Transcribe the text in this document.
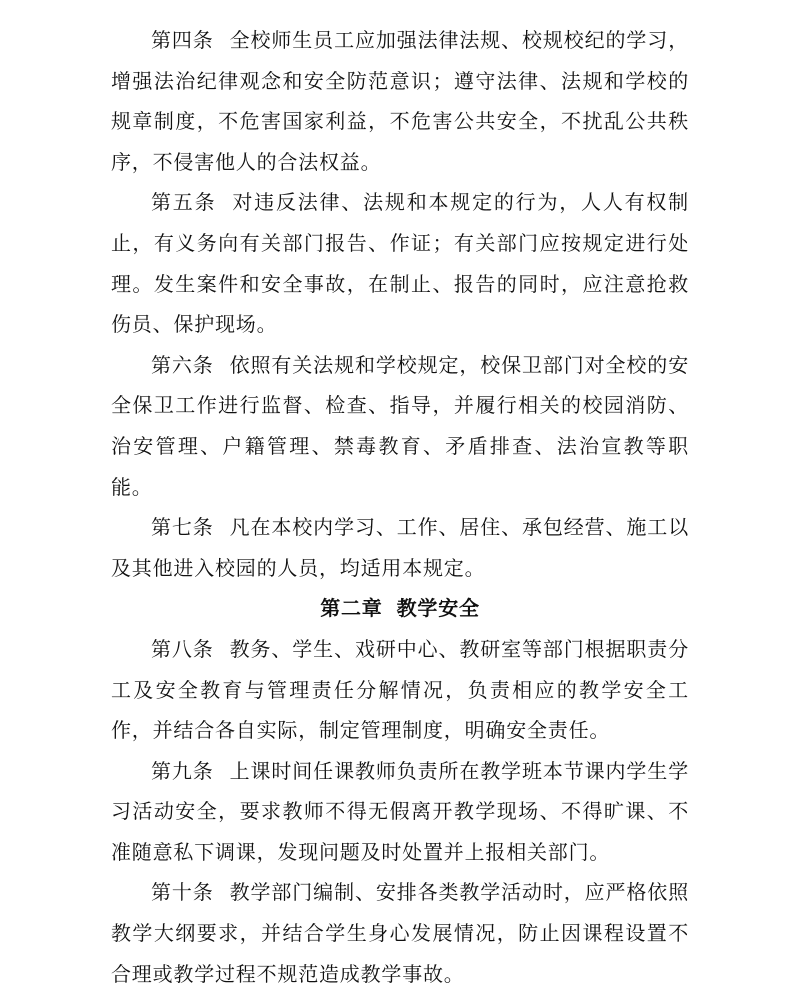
第四条 全校师生员工应加强法律法规、校规校纪的学习，增强法治纪律观念和安全防范意识；遵守法律、法规和学校的规章制度，不危害国家利益，不危害公共安全，不扰乱公共秩序，不侵害他人的合法权益。

第五条 对违反法律、法规和本规定的行为，人人有权制止，有义务向有关部门报告、作证；有关部门应按规定进行处理。发生案件和安全事故，在制止、报告的同时，应注意抢救伤员、保护现场。

第六条 依照有关法规和学校规定，校保卫部门对全校的安全保卫工作进行监督、检查、指导，并履行相关的校园消防、治安管理、户籍管理、禁毒教育、矛盾排查、法治宣教等职能。

第七条 凡在本校内学习、工作、居住、承包经营、施工以及其他进入校园的人员，均适用本规定。

第二章 教学安全

第八条 教务、学生、戏研中心、教研室等部门根据职责分工及安全教育与管理责任分解情况，负责相应的教学安全工作，并结合各自实际，制定管理制度，明确安全责任。

第九条 上课时间任课教师负责所在教学班本节课内学生学习活动安全，要求教师不得无假离开教学现场、不得旷课、不准随意私下调课，发现问题及时处置并上报相关部门。

第十条 教学部门编制、安排各类教学活动时，应严格依照教学大纲要求，并结合学生身心发展情况，防止因课程设置不合理或教学过程不规范造成教学事故。
